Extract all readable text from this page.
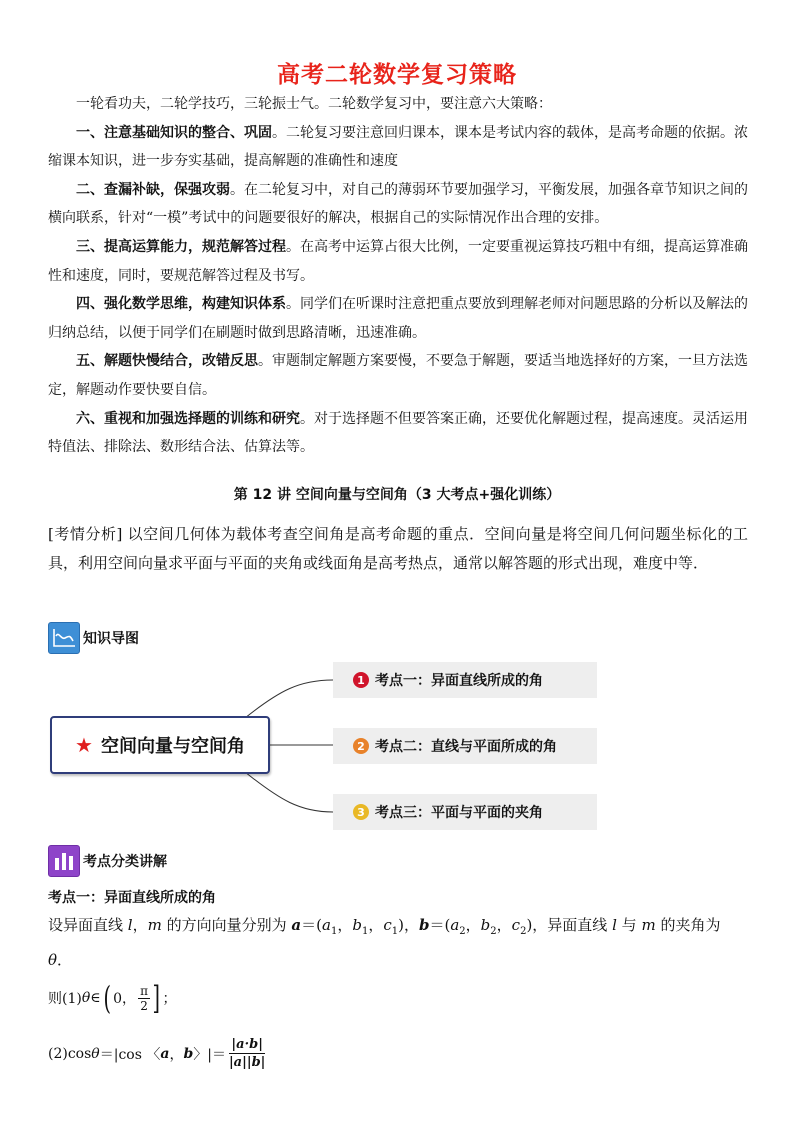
高考二轮数学复习策略

一轮看功夫，二轮学技巧，三轮振士气。二轮数学复习中，要注意六大策略：

一、注意基础知识的整合、巩固。二轮复习要注意回归课本，课本是考试内容的载体，是高考命题的依据。浓缩课本知识，进一步夯实基础，提高解题的准确性和速度

二、查漏补缺，保强攻弱。在二轮复习中，对自己的薄弱环节要加强学习，平衡发展，加强各章节知识之间的横向联系，针对“一模”考试中的问题要很好的解决，根据自己的实际情况作出合理的安排。

三、提高运算能力，规范解答过程。在高考中运算占很大比例，一定要重视运算技巧粗中有细，提高运算准确性和速度，同时，要规范解答过程及书写。

四、强化数学思维，构建知识体系。同学们在听课时注意把重点要放到理解老师对问题思路的分析以及解法的归纳总结，以便于同学们在刷题时做到思路清晰，迅速准确。

五、解题快慢结合，改错反思。审题制定解题方案要慢，不要急于解题，要适当地选择好的方案，一旦方法选定，解题动作要快要自信。

六、重视和加强选择题的训练和研究。对于选择题不但要答案正确，还要优化解题过程，提高速度。灵活运用特值法、排除法、数形结合法、估算法等。

第 12 讲 空间向量与空间角（3 大考点+强化训练）

[考情分析] 以空间几何体为载体考查空间角是高考命题的重点．空间向量是将空间几何问题坐标化的工具，利用空间向量求平面与平面的夹角或线面角是高考热点，通常以解答题的形式出现，难度中等．

知识导图
★ 空间向量与空间角
1 考点一：异面直线所成的角
2 考点二：直线与平面所成的角
3 考点三：平面与平面的夹角
考点分类讲解
考点一：异面直线所成的角

设异面直线 l，m 的方向向量分别为 $a=(a_1$，$b_1$，$c_1$)，$b=(a_2$，$b_2$，$c_2$)，异面直线 l 与 m 的夹角为
θ．

则(1) θ ∈ ( 0， $\frac{\pi}{2}$ ] ；
(2)cos θ ＝|cos 〈 a ， b 〉|＝ $\frac{|a\cdot b|}{|a||b|}$
